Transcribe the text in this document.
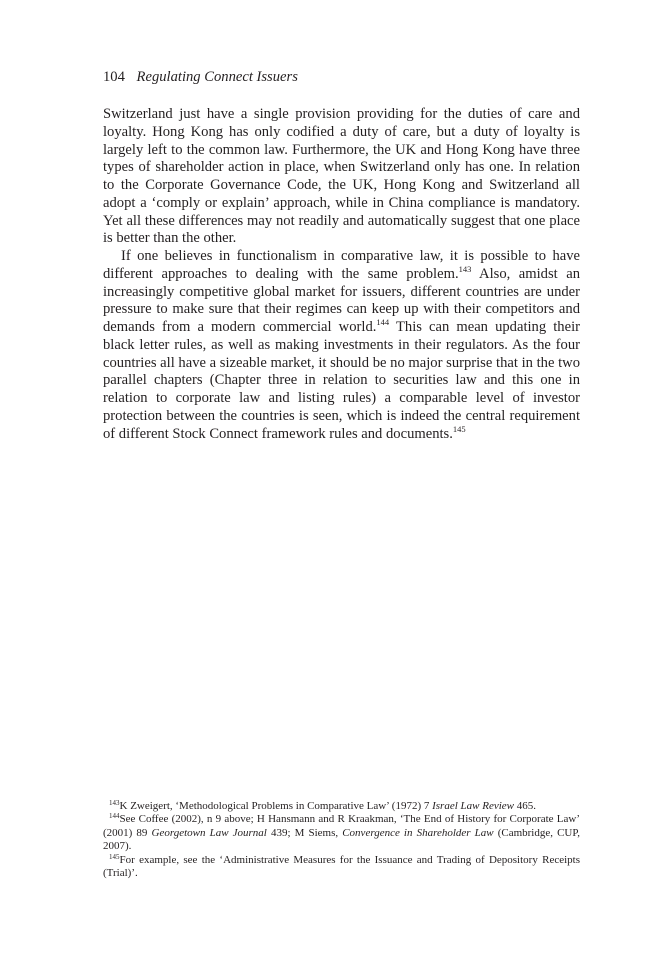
104 Regulating Connect Issuers

Switzerland just have a single provision providing for the duties of care and loyalty. Hong Kong has only codified a duty of care, but a duty of loyalty is largely left to the common law. Furthermore, the UK and Hong Kong have three types of shareholder action in place, when Switzerland only has one. In relation to the Corporate Governance Code, the UK, Hong Kong and Switzerland all adopt a ‘comply or explain’ approach, while in China compliance is mandatory. Yet all these differences may not readily and automatically suggest that one place is better than the other.

If one believes in functionalism in comparative law, it is possible to have different approaches to dealing with the same problem.$^{143}$ Also, amidst an increasingly competitive global market for issuers, different countries are under pressure to make sure that their regimes can keep up with their competitors and demands from a modern commercial world.$^{144}$ This can mean updating their black letter rules, as well as making investments in their regulators. As the four countries all have a sizeable market, it should be no major surprise that in the two parallel chapters (Chapter three in relation to securities law and this one in relation to corporate law and listing rules) a comparable level of investor protection between the countries is seen, which is indeed the central requirement of different Stock Connect framework rules and documents.$^{145}$

$^{143}$K Zweigert, ‘Methodological Problems in Comparative Law’ (1972) 7 Israel Law Review 465.

$^{144}$See Coffee (2002), n 9 above; H Hansmann and R Kraakman, ‘The End of History for Corporate Law’ (2001) 89 Georgetown Law Journal 439; M Siems, Convergence in Shareholder Law (Cambridge, CUP, 2007).

$^{145}$For example, see the ‘Administrative Measures for the Issuance and Trading of Depository Receipts (Trial)’.
